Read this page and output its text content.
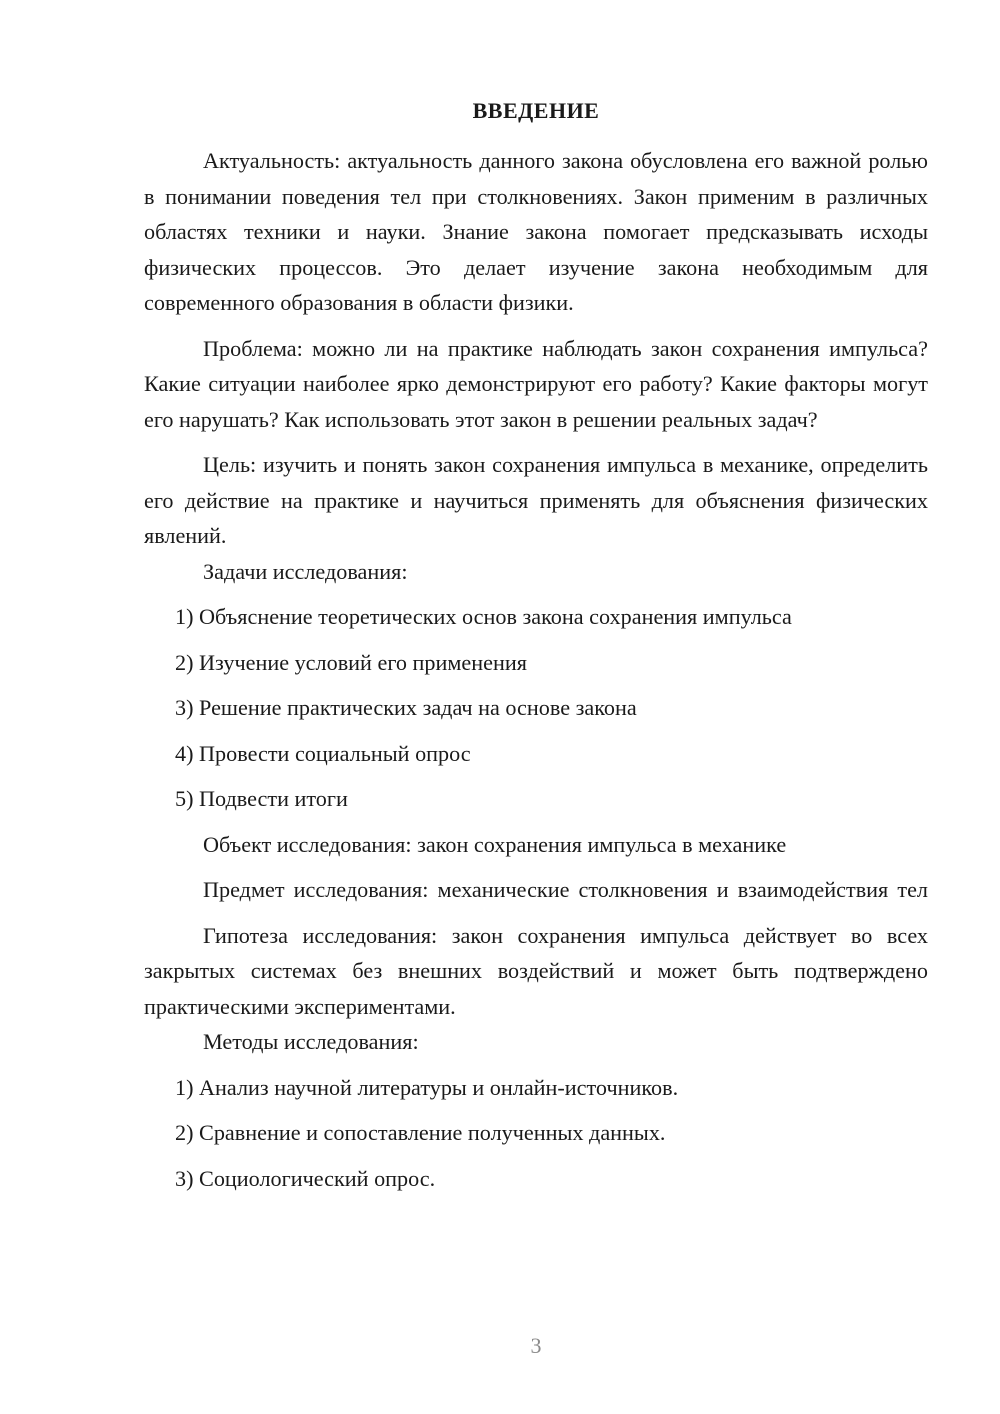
ВВЕДЕНИЕ

Актуальность: актуальность данного закона обусловлена его важной ролью в понимании поведения тел при столкновениях. Закон применим в различных областях техники и науки. Знание закона помогает предсказывать исходы физических процессов. Это делает изучение закона необходимым для современного образования в области физики.

Проблема: можно ли на практике наблюдать закон сохранения импульса? Какие ситуации наиболее ярко демонстрируют его работу? Какие факторы могут его нарушать? Как использовать этот закон в решении реальных задач?

Цель: изучить и понять закон сохранения импульса в механике, определить его действие на практике и научиться применять для объяснения физических явлений.

Задачи исследования:

1) Объяснение теоретических основ закона сохранения импульса

2) Изучение условий его применения

3) Решение практических задач на основе закона

4) Провести социальный опрос

5) Подвести итоги

Объект исследования: закон сохранения импульса в механике

Предмет исследования: механические столкновения и взаимодействия тел

Гипотеза исследования: закон сохранения импульса действует во всех закрытых системах без внешних воздействий и может быть подтверждено практическими экспериментами.

Методы исследования:

1) Анализ научной литературы и онлайн-источников.

2) Сравнение и сопоставление полученных данных.

3) Социологический опрос.

3
